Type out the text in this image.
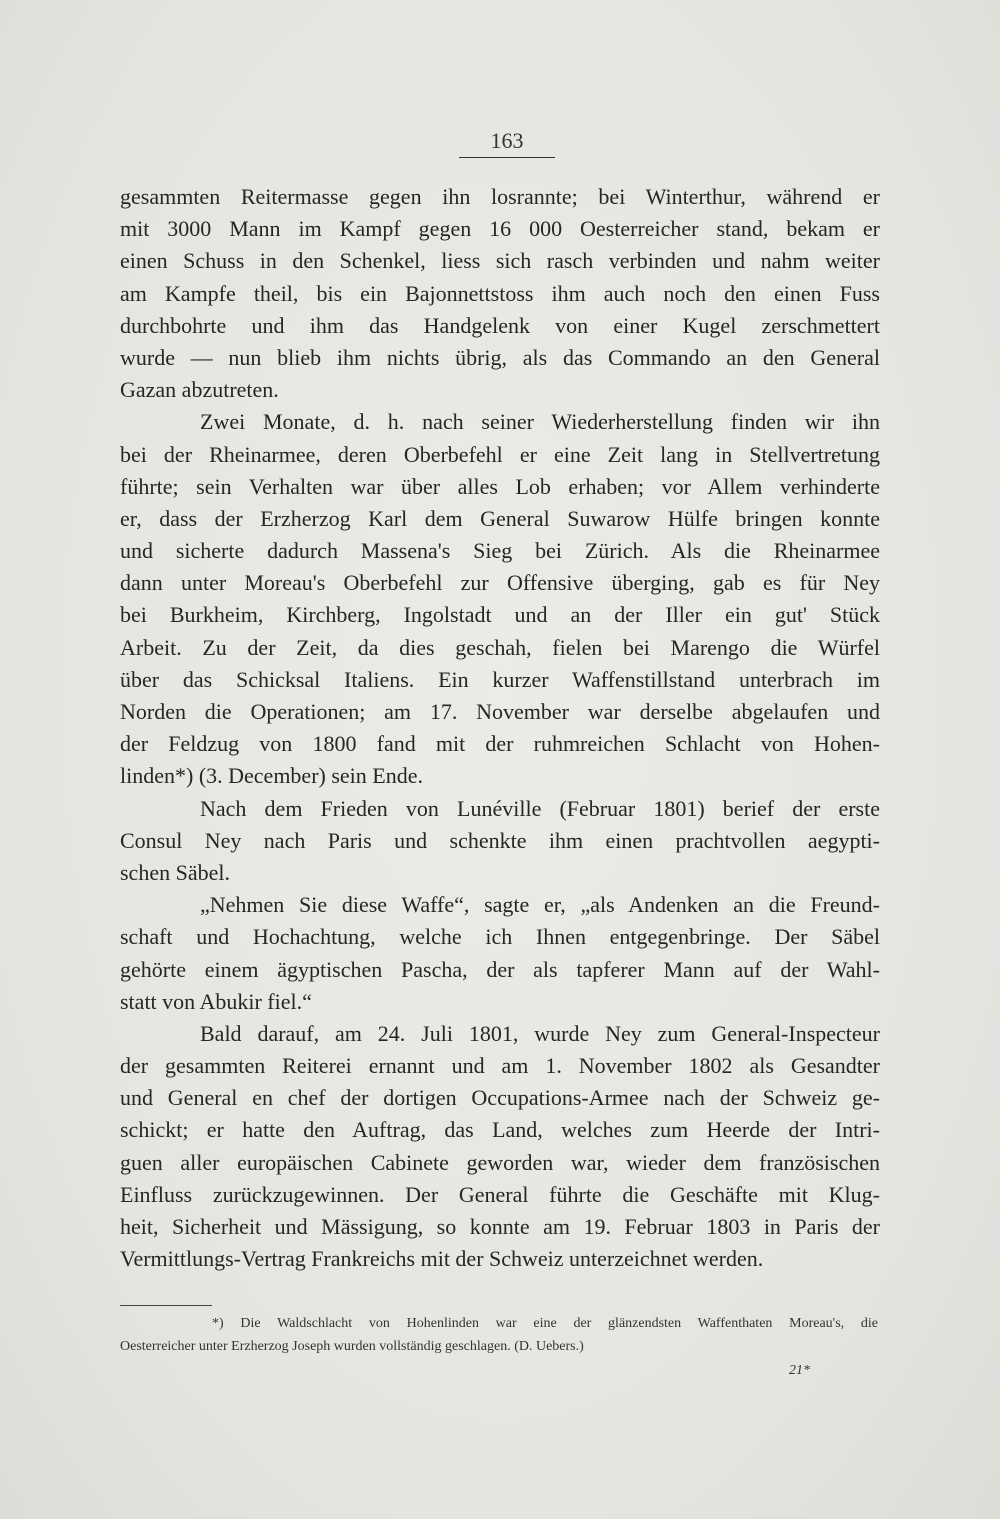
163
gesammten Reitermasse gegen ihn losrannte; bei Winterthur, während er
mit 3000 Mann im Kampf gegen 16 000 Oesterreicher stand, bekam er
einen Schuss in den Schenkel, liess sich rasch verbinden und nahm weiter
am Kampfe theil, bis ein Bajonnettstoss ihm auch noch den einen Fuss
durchbohrte und ihm das Handgelenk von einer Kugel zerschmettert
wurde — nun blieb ihm nichts übrig, als das Commando an den General
Gazan abzutreten.
Zwei Monate, d. h. nach seiner Wiederherstellung finden wir ihn
bei der Rheinarmee, deren Oberbefehl er eine Zeit lang in Stellvertretung
führte; sein Verhalten war über alles Lob erhaben; vor Allem verhinderte
er, dass der Erzherzog Karl dem General Suwarow Hülfe bringen konnte
und sicherte dadurch Massena's Sieg bei Zürich. Als die Rheinarmee
dann unter Moreau's Oberbefehl zur Offensive überging, gab es für Ney
bei Burkheim, Kirchberg, Ingolstadt und an der Iller ein gut' Stück
Arbeit. Zu der Zeit, da dies geschah, fielen bei Marengo die Würfel
über das Schicksal Italiens. Ein kurzer Waffenstillstand unterbrach im
Norden die Operationen; am 17. November war derselbe abgelaufen und
der Feldzug von 1800 fand mit der ruhmreichen Schlacht von Hohen-
linden*) (3. December) sein Ende.
Nach dem Frieden von Lunéville (Februar 1801) berief der erste
Consul Ney nach Paris und schenkte ihm einen prachtvollen aegypti-
schen Säbel.
„Nehmen Sie diese Waffe“, sagte er, „als Andenken an die Freund-
schaft und Hochachtung, welche ich Ihnen entgegenbringe. Der Säbel
gehörte einem ägyptischen Pascha, der als tapferer Mann auf der Wahl-
statt von Abukir fiel.“
Bald darauf, am 24. Juli 1801, wurde Ney zum General-Inspecteur
der gesammten Reiterei ernannt und am 1. November 1802 als Gesandter
und General en chef der dortigen Occupations-Armee nach der Schweiz ge-
schickt; er hatte den Auftrag, das Land, welches zum Heerde der Intri-
guen aller europäischen Cabinete geworden war, wieder dem französischen
Einfluss zurückzugewinnen. Der General führte die Geschäfte mit Klug-
heit, Sicherheit und Mässigung, so konnte am 19. Februar 1803 in Paris der
Vermittlungs-Vertrag Frankreichs mit der Schweiz unterzeichnet werden.
*) Die Waldschlacht von Hohenlinden war eine der glänzendsten Waffenthaten Moreau's, die
Oesterreicher unter Erzherzog Joseph wurden vollständig geschlagen. (D. Uebers.)
21*
